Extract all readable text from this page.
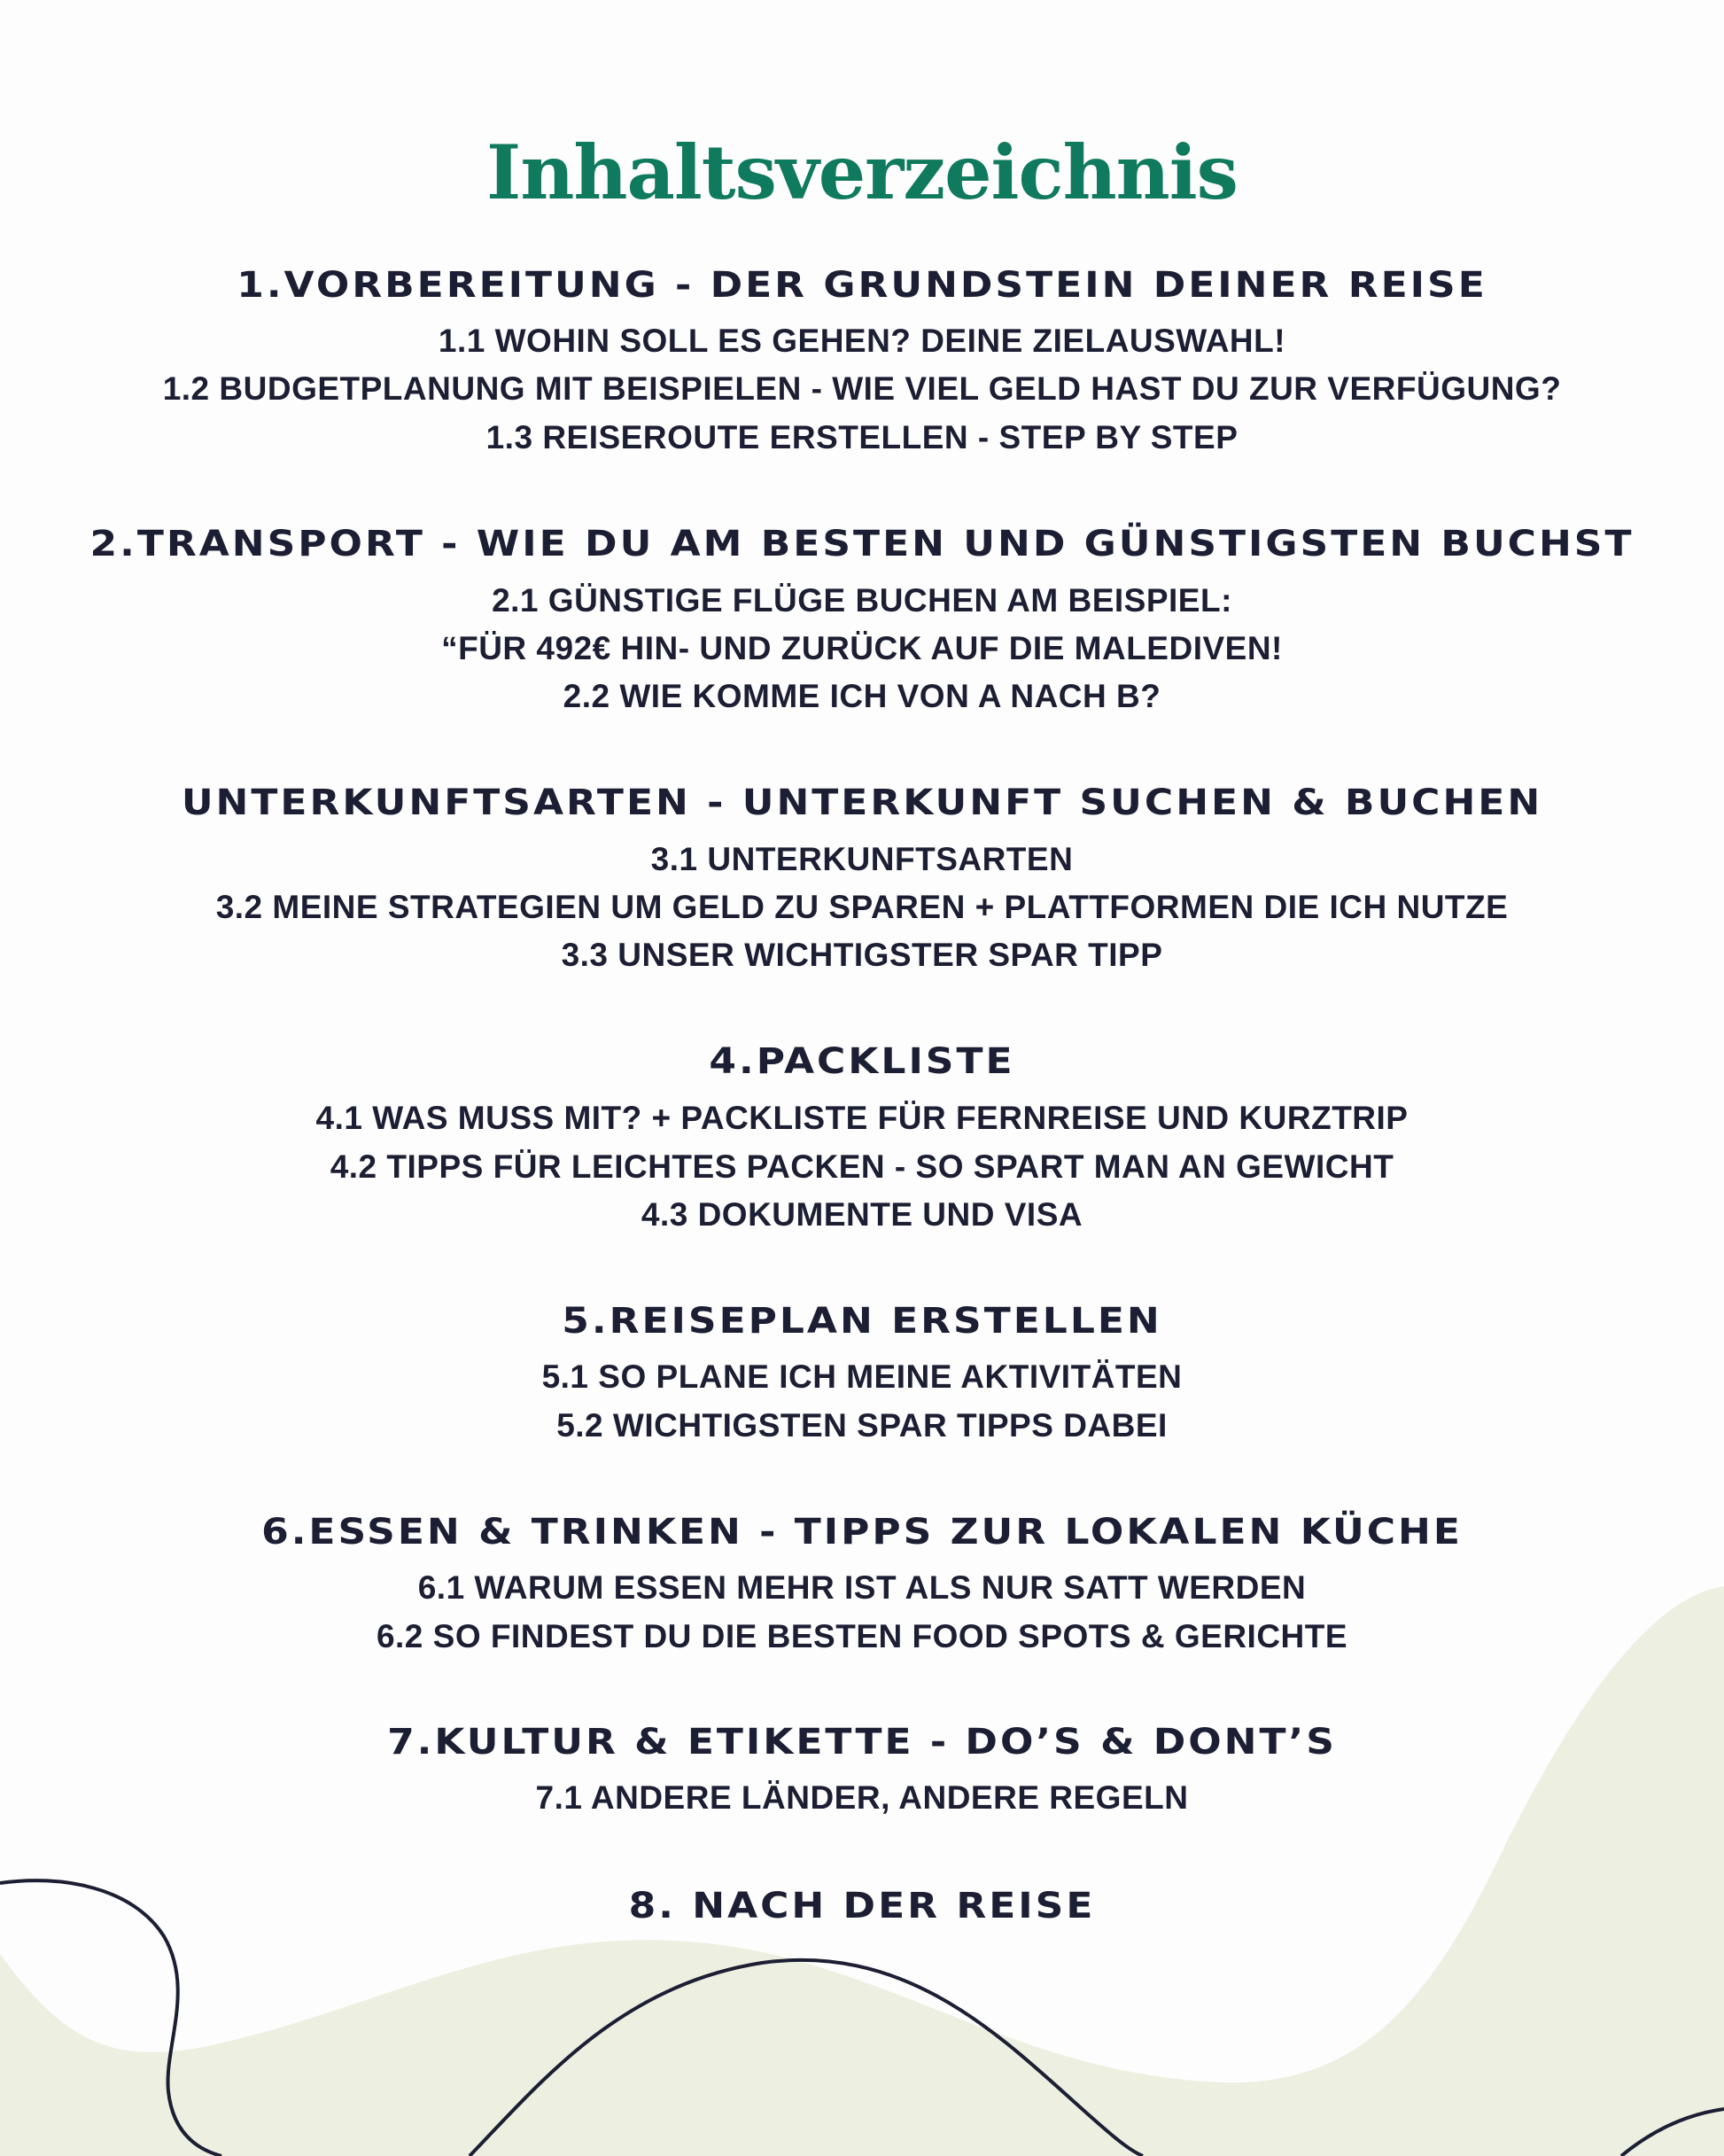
Inhaltsverzeichnis
1.VORBEREITUNG - DER GRUNDSTEIN DEINER REISE
1.1 WOHIN SOLL ES GEHEN? DEINE ZIELAUSWAHL!
1.2 BUDGETPLANUNG MIT BEISPIELEN - WIE VIEL GELD HAST DU ZUR VERFÜGUNG?
1.3 REISEROUTE ERSTELLEN - STEP BY STEP
2.TRANSPORT - WIE DU AM BESTEN UND GÜNSTIGSTEN BUCHST
2.1 GÜNSTIGE FLÜGE BUCHEN AM BEISPIEL:
“FÜR 492€ HIN- UND ZURÜCK AUF DIE MALEDIVEN!
2.2 WIE KOMME ICH VON A NACH B?
UNTERKUNFTSARTEN - UNTERKUNFT SUCHEN & BUCHEN
3.1 UNTERKUNFTSARTEN
3.2 MEINE STRATEGIEN UM GELD ZU SPAREN + PLATTFORMEN DIE ICH NUTZE
3.3 UNSER WICHTIGSTER SPAR TIPP
4.PACKLISTE
4.1 WAS MUSS MIT? + PACKLISTE FÜR FERNREISE UND KURZTRIP
4.2 TIPPS FÜR LEICHTES PACKEN - SO SPART MAN AN GEWICHT
4.3 DOKUMENTE UND VISA
5.REISEPLAN ERSTELLEN
5.1 SO PLANE ICH MEINE AKTIVITÄTEN
5.2 WICHTIGSTEN SPAR TIPPS DABEI
6.ESSEN & TRINKEN - TIPPS ZUR LOKALEN KÜCHE
6.1 WARUM ESSEN MEHR IST ALS NUR SATT WERDEN
6.2 SO FINDEST DU DIE BESTEN FOOD SPOTS & GERICHTE
7.KULTUR & ETIKETTE - DO’S & DONT’S
7.1 ANDERE LÄNDER, ANDERE REGELN
8. NACH DER REISE
